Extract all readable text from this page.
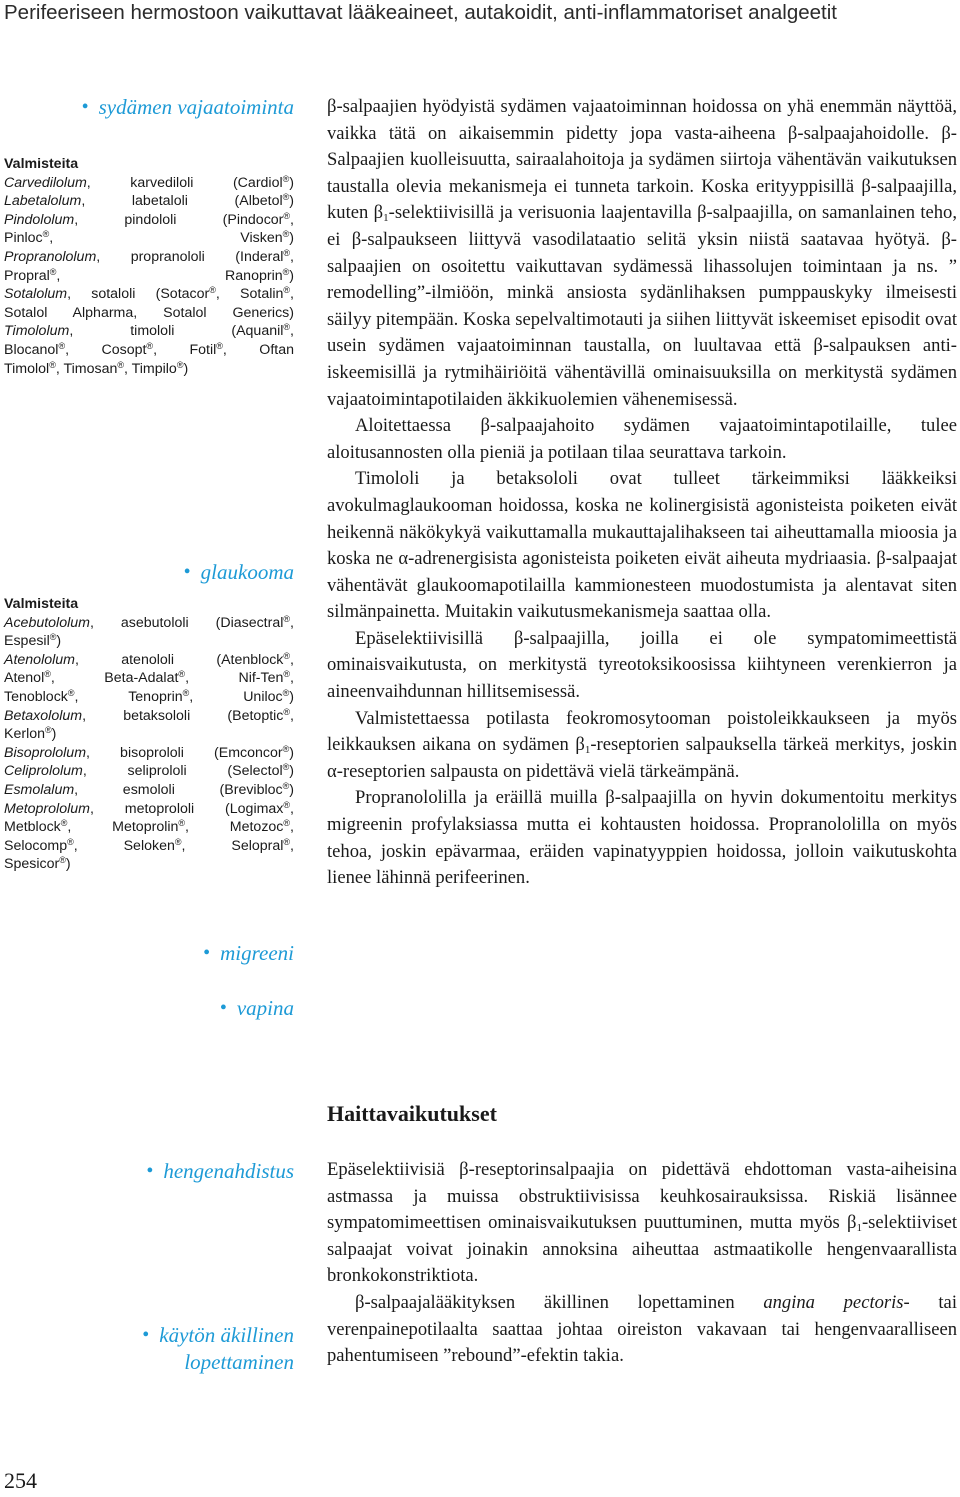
Perifeeriseen hermostoon vaikuttavat lääkeaineet, autakoidit, anti-inflammatoriset analgeetit
• sydämen vajaatoiminta
Valmisteita
Carvedilolum, karvediloli (Cardiol®)
Labetalolum, labetaloli (Albetol®)
Pindololum, pindololi (Pindocor®,
Pinloc®, Visken®)
Propranololum, propranololi (Inderal®,
Propral®, Ranoprin®)
Sotalolum, sotaloli (Sotacor®, Sotalin®,
Sotalol Alpharma, Sotalol Generics)
Timololum, timololi (Aquanil®,
Blocanol®, Cosopt®, Fotil®, Oftan
Timolol®, Timosan®, Timpilo®)
• glaukooma
Valmisteita
Acebutololum, asebutololi (Diasectral®,
Espesil®)
Atenololum, atenololi (Atenblock®,
Atenol®, Beta-Adalat®, Nif-Ten®,
Tenoblock®, Tenoprin®, Uniloc®)
Betaxololum, betaksololi (Betoptic®,
Kerlon®)
Bisoprololum, bisoprololi (Emconcor®)
Celiprololum, seliprololi (Selectol®)
Esmolalum, esmololi (Brevibloc®)
Metoprololum, metoprololi (Logimax®,
Metblock®, Metoprolin®, Metozoc®,
Selocomp®, Seloken®, Selopral®,
Spesicor®)
• migreeni
• vapina
• hengenahdistus
• käytön äkillinen
lopettaminen

β-salpaajien hyödyistä sydämen vajaatoiminnan hoidossa on yhä enemmän näyttöä, vaikka tätä on aikaisemmin pidetty jopa vasta-aiheena β-salpaajahoidolle. β-Salpaajien kuolleisuutta, sairaalahoitoja ja sydämen siirtoja vähentävän vaikutuksen taustalla olevia mekanismeja ei tunneta tarkoin. Koska erityyppisillä β-salpaajilla, kuten $\beta_1$-selektiivisillä ja verisuonia laajentavilla β-salpaajilla, on samanlainen teho, ei β-salpaukseen liittyvä vasodilataatio selitä yksin niistä saatavaa hyötyä. β-salpaajien on osoitettu vaikuttavan sydämessä lihassolujen toimintaan ja ns. ” remodelling”-ilmiöön, minkä ansiosta sydänlihaksen pumppauskyky ilmeisesti säilyy pitempään. Koska sepelvaltimotauti ja siihen liittyvät iskeemiset episodit ovat usein sydämen vajaatoiminnan taustalla, on luultavaa että β-salpauksen anti-iskeemisillä ja rytmihäiriöitä vähentävillä ominaisuuksilla on merkitystä sydämen vajaatoimintapotilaiden äkkikuolemien vähenemisessä.

Aloitettaessa β-salpaajahoito sydämen vajaatoimintapotilaille, tulee aloitusannosten olla pieniä ja potilaan tilaa seurattava tarkoin.

Timololi ja betaksololi ovat tulleet tärkeimmiksi lääkkeiksi avokulmaglaukooman hoidossa, koska ne kolinergisistä agonisteista poiketen eivät heikennä näkökykyä vaikuttamalla mukauttajalihakseen tai aiheuttamalla mioosia ja koska ne α-adrenergisista agonisteista poiketen eivät aiheuta mydriaasia. β-salpaajat vähentävät glaukoomapotilailla kammionesteen muodostumista ja alentavat siten silmänpainetta. Muitakin vaikutusmekanismeja saattaa olla.

Epäselektiivisillä β-salpaajilla, joilla ei ole sympatomimeettistä ominaisvaikutusta, on merkitystä tyreotoksikoosissa kiihtyneen verenkierron ja aineenvaihdunnan hillitsemisessä.

Valmistettaessa potilasta feokromosytooman poistoleikkaukseen ja myös leikkauksen aikana on sydämen $\beta_1$-reseptorien salpauksella tärkeä merkitys, joskin α-reseptorien salpausta on pidettävä vielä tärkeämpänä.

Propranololilla ja eräillä muilla β-salpaajilla on hyvin dokumentoitu merkitys migreenin profylaksiassa mutta ei kohtausten hoidossa. Propranololilla on myös tehoa, joskin epävarmaa, eräiden vapinatyyppien hoidossa, jolloin vaikutuskohta lienee lähinnä perifeerinen.

Haittavaikutukset

Epäselektiivisiä β-reseptorinsalpaajia on pidettävä ehdottoman vasta-aiheisina astmassa ja muissa obstruktiivisissa keuhkosairauksissa. Riskiä lisännee sympatomimeettisen ominaisvaikutuksen puuttuminen, mutta myös $\beta_1$-selektiiviset salpaajat voivat joinakin annoksina aiheuttaa astmaatikolle hengenvaarallista bronkokonstriktiota.

β-salpaajalääkityksen äkillinen lopettaminen angina pectoris- tai verenpainepotilaalta saattaa johtaa oireiston vakavaan tai hengenvaaralliseen pahentumiseen ”rebound”-efektin takia.

254
